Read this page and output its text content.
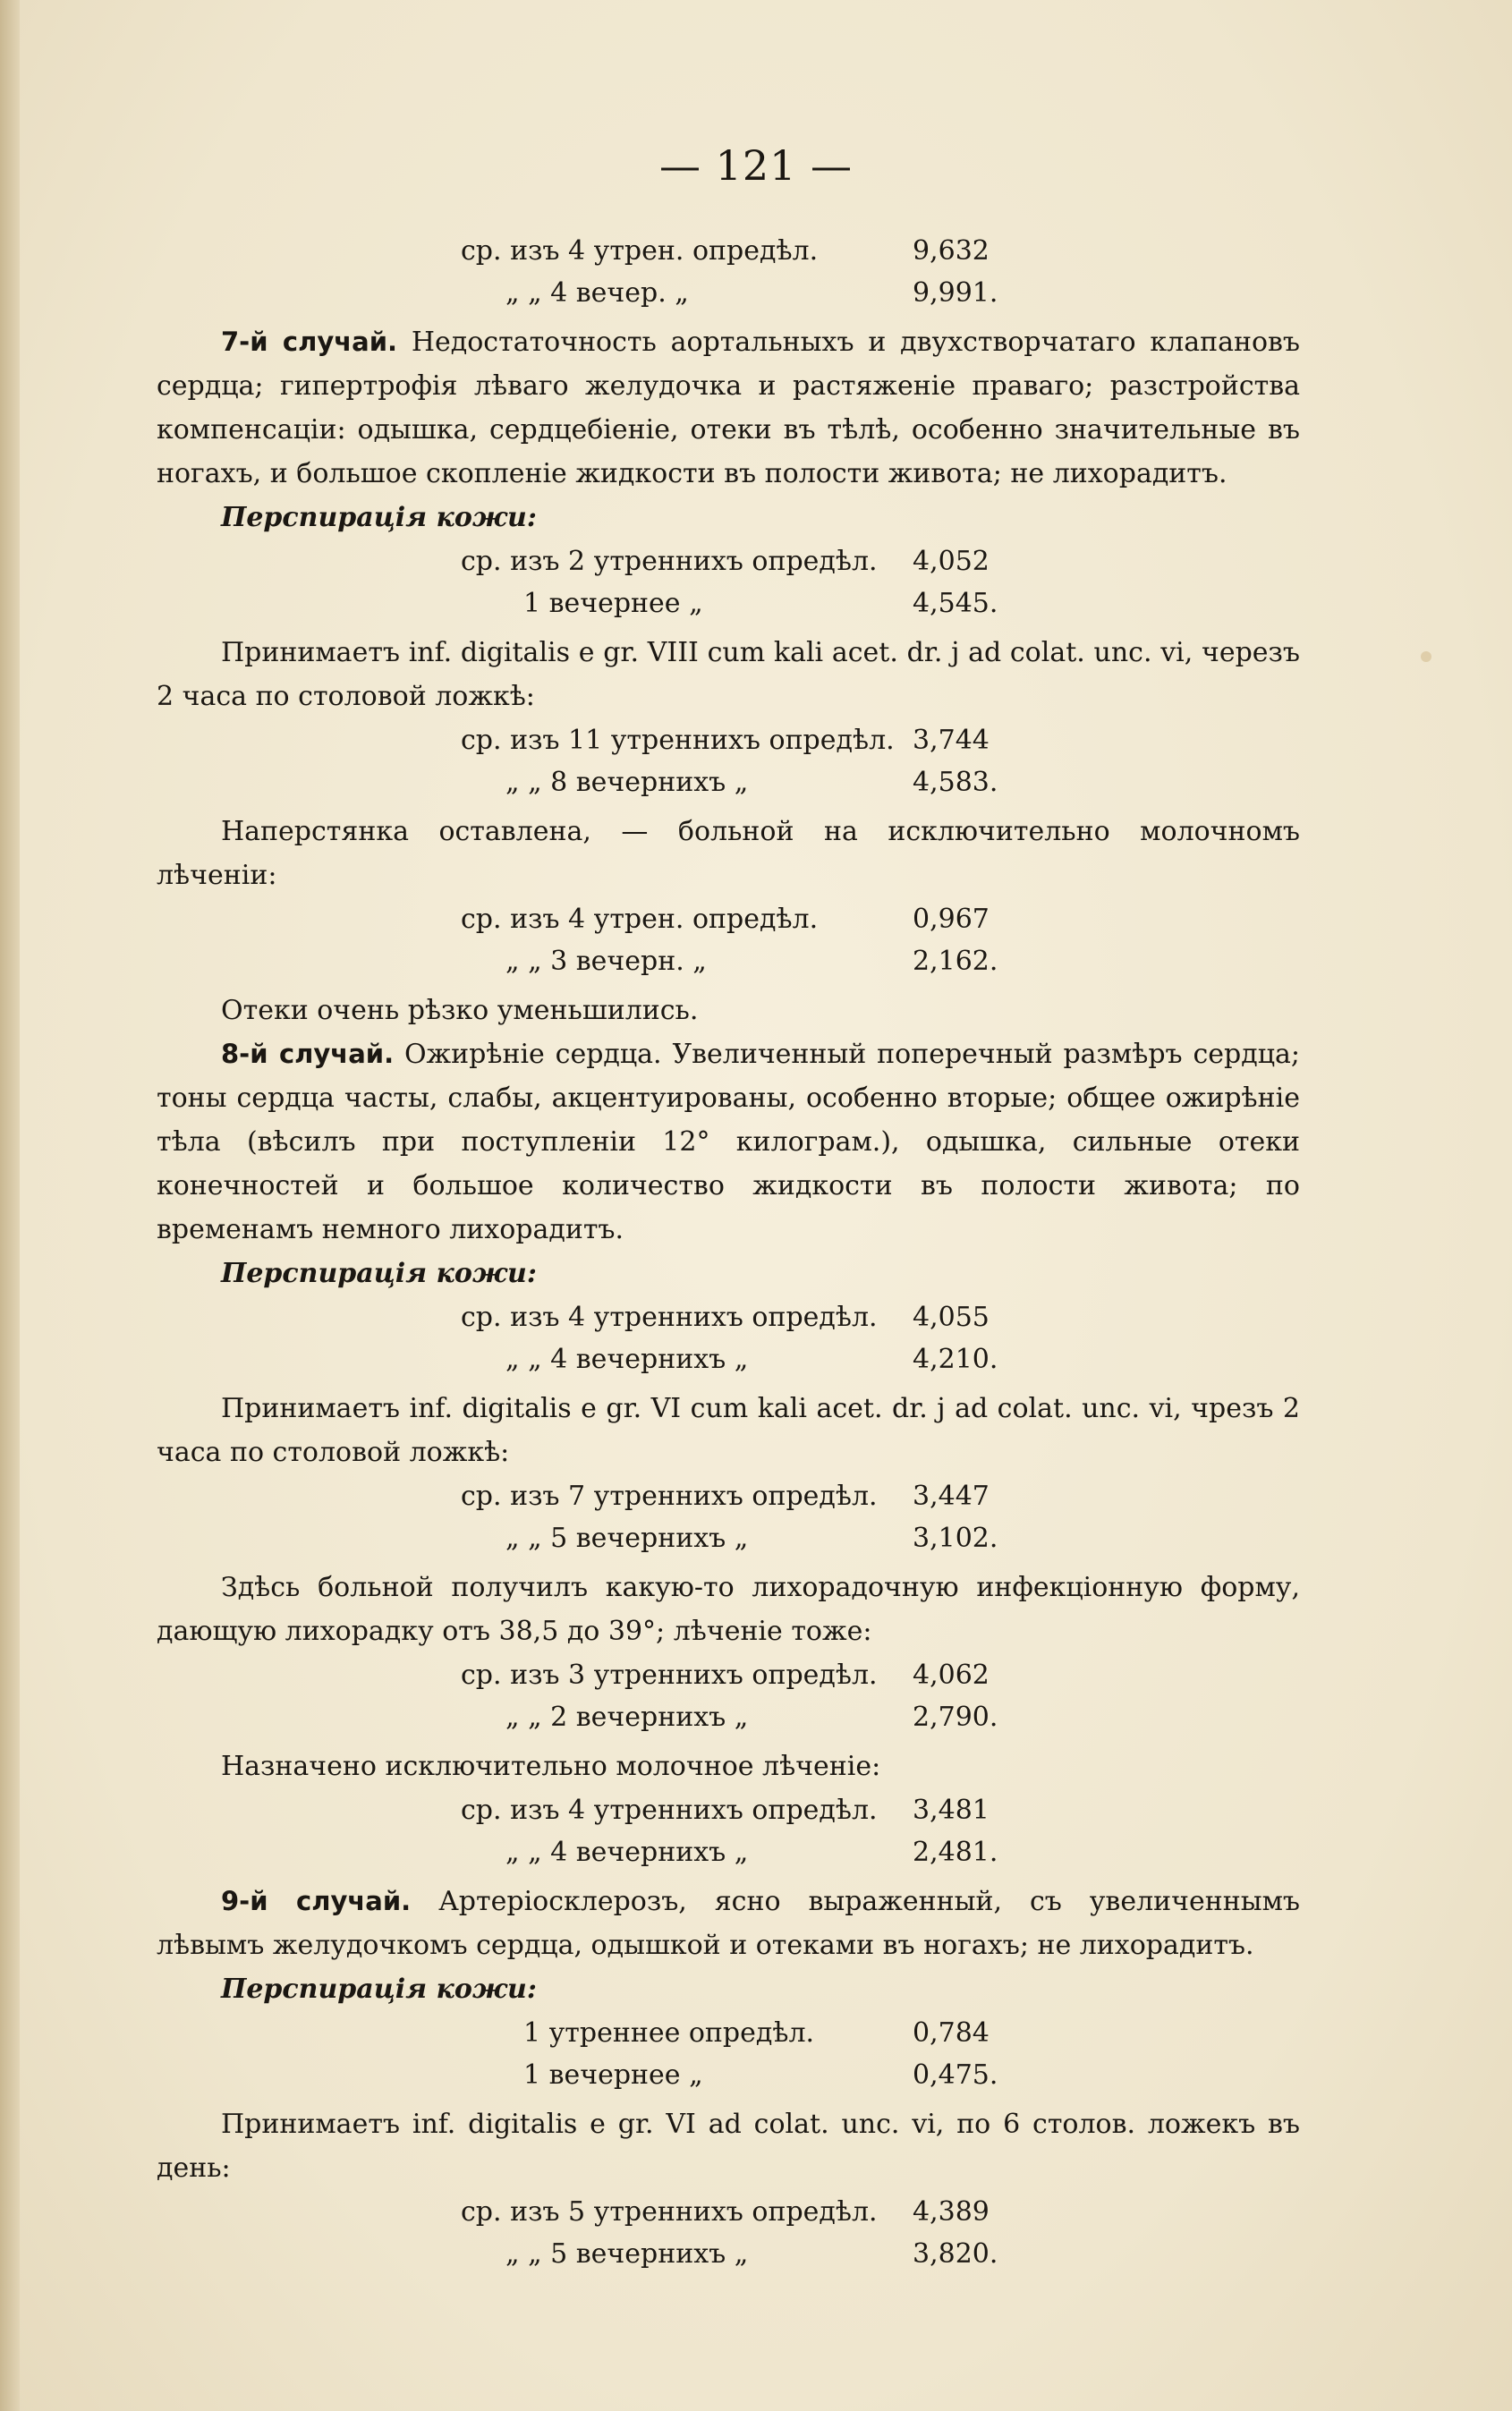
— 121 —
ср. изъ 4 утрен. опредѣл.	9,632
„ „ 4 вечер. „	9,991.

7-й случай. Недостаточность аортальныхъ и двухстворчатаго клапановъ сердца; гипертрофія лѣваго желудочка и растяженіе праваго; разстройства компенсаціи: одышка, сердцебіеніе, отеки въ тѣлѣ, особенно значительные въ ногахъ, и большое скопленіе жидкости въ полости живота; не лихорадитъ.

Перспирація кожи:
ср. изъ 2 утреннихъ опредѣл. 4,052
1 вечернее „	4,545.

Принимаетъ inf. digitalis e gr. VIII cum kali acet. dr. j ad colat. unc. vi, черезъ 2 часа по столовой ложкѣ:

ср. изъ 11 утреннихъ опредѣл. 3,744
„ „ 8 вечернихъ „	4,583.

Наперстянка оставлена, — больной на исключительно молочномъ лѣченіи:

ср. изъ 4 утрен. опредѣл.	0,967
„ „ 3 вечерн. „	2,162.

Отеки очень рѣзко уменьшились.

8-й случай. Ожирѣніе сердца. Увеличенный поперечный размѣръ сердца; тоны сердца часты, слабы, акцентуированы, особенно вторые; общее ожирѣніе тѣла (вѣсилъ при поступленіи 12° килограм.), одышка, сильные отеки конечностей и большое количество жидкости въ полости живота; по временамъ немного лихорадитъ.

Перспирація кожи:
ср. изъ 4 утреннихъ опредѣл. 4,055
„ „ 4 вечернихъ „	4,210.

Принимаетъ inf. digitalis e gr. VI cum kali acet. dr. j ad colat. unc. vi, чрезъ 2 часа по столовой ложкѣ:

ср. изъ 7 утреннихъ опредѣл. 3,447
„ „ 5 вечернихъ „	3,102.

Здѣсь больной получилъ какую-то лихорадочную инфекціонную форму, дающую лихорадку отъ 38,5 до 39°; лѣченіе тоже:

ср. изъ 3 утреннихъ опредѣл. 4,062
„ „ 2 вечернихъ „	2,790.

Назначено исключительно молочное лѣченіе:

ср. изъ 4 утреннихъ опредѣл. 3,481
„ „ 4 вечернихъ „	2,481.

9-й случай. Артеріосклерозъ, ясно выраженный, съ увеличеннымъ лѣвымъ желудочкомъ сердца, одышкой и отеками въ ногахъ; не лихорадитъ.

Перспирація кожи:
1 утреннее опредѣл.	0,784
1 вечернее „	0,475.

Принимаетъ inf. digitalis e gr. VI ad colat. unc. vi, по 6 столов. ложекъ въ день:

ср. изъ 5 утреннихъ опредѣл. 4,389
„ „ 5 вечернихъ „	3,820.
